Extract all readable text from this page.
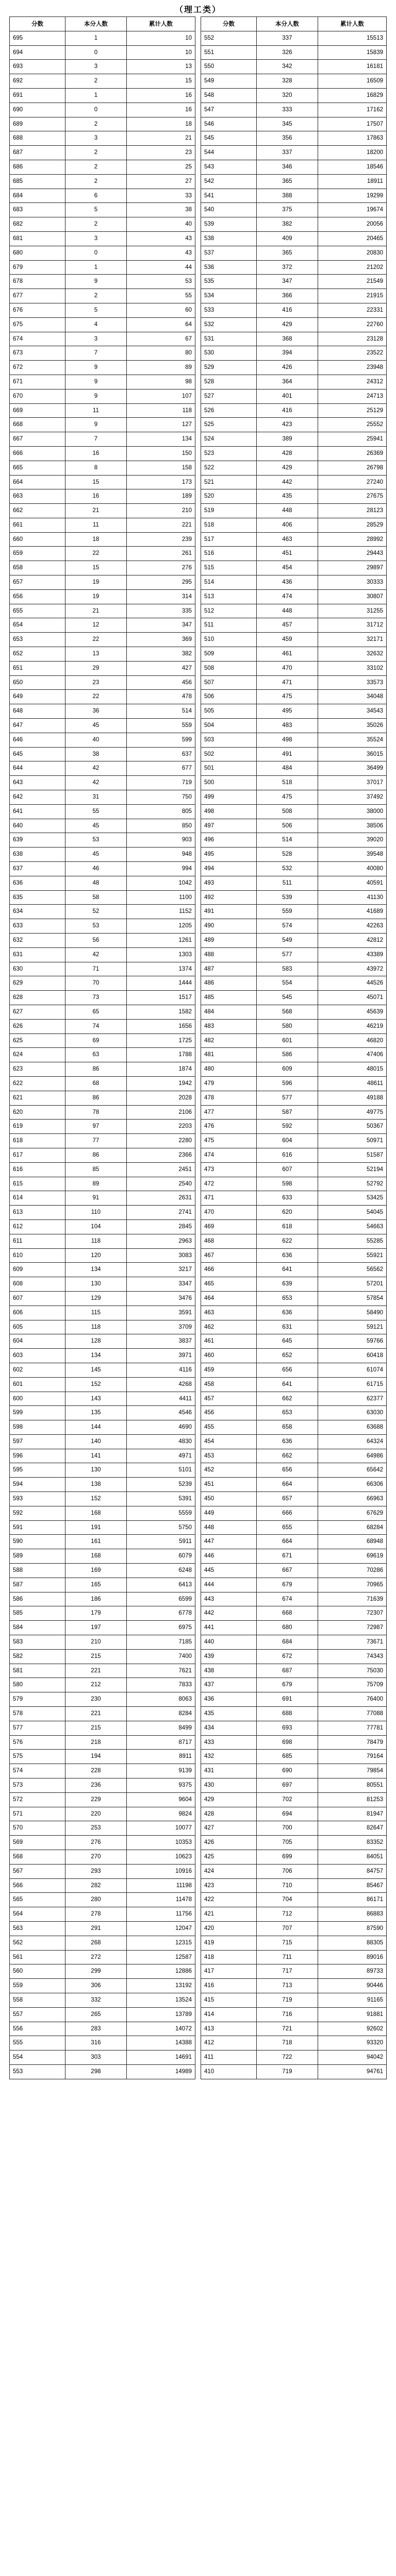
（理工类）
分数	本分人数	累计人数
695	1	10
694	0	10
693	3	13
692	2	15
691	1	16
690	0	16
689	2	18
688	3	21
687	2	23
686	2	25
685	2	27
684	6	33
683	5	38
682	2	40
681	3	43
680	0	43
679	1	44
678	9	53
677	2	55
676	5	60
675	4	64
674	3	67
673	7	80
672	9	89
671	9	98
670	9	107
669	11	118
668	9	127
667	7	134
666	16	150
665	8	158
664	15	173
663	16	189
662	21	210
661	11	221
660	18	239
659	22	261
658	15	276
657	19	295
656	19	314
655	21	335
654	12	347
653	22	369
652	13	382
651	29	427
650	23	456
649	22	478
648	36	514
647	45	559
646	40	599
645	38	637
644	42	677
643	42	719
642	31	750
641	55	805
640	45	850
639	53	903
638	45	948
637	46	994
636	48	1042
635	58	1100
634	52	1152
633	53	1205
632	56	1261
631	42	1303
630	71	1374
629	70	1444
628	73	1517
627	65	1582
626	74	1656
625	69	1725
624	63	1788
623	86	1874
622	68	1942
621	86	2028
620	78	2106
619	97	2203
618	77	2280
617	86	2366
616	85	2451
615	89	2540
614	91	2631
613	110	2741
612	104	2845
611	118	2963
610	120	3083
609	134	3217
608	130	3347
607	129	3476
606	115	3591
605	118	3709
604	128	3837
603	134	3971
602	145	4116
601	152	4268
600	143	4411
599	135	4546
598	144	4690
597	140	4830
596	141	4971
595	130	5101
594	138	5239
593	152	5391
592	168	5559
591	191	5750
590	161	5911
589	168	6079
588	169	6248
587	165	6413
586	186	6599
585	179	6778
584	197	6975
583	210	7185
582	215	7400
581	221	7621
580	212	7833
579	230	8063
578	221	8284
577	215	8499
576	218	8717
575	194	8911
574	228	9139
573	236	9375
572	229	9604
571	220	9824
570	253	10077
569	276	10353
568	270	10623
567	293	10916
566	282	11198
565	280	11478
564	278	11756
563	291	12047
562	268	12315
561	272	12587
560	299	12886
559	306	13192
558	332	13524
557	265	13789
556	283	14072
555	316	14388
554	303	14691
553	298	14989
分数	本分人数	累计人数
552	337	15513
551	326	15839
550	342	16181
549	328	16509
548	320	16829
547	333	17162
546	345	17507
545	356	17863
544	337	18200
543	346	18546
542	365	18911
541	388	19299
540	375	19674
539	382	20056
538	409	20465
537	365	20830
536	372	21202
535	347	21549
534	366	21915
533	416	22331
532	429	22760
531	368	23128
530	394	23522
529	426	23948
528	364	24312
527	401	24713
526	416	25129
525	423	25552
524	389	25941
523	428	26369
522	429	26798
521	442	27240
520	435	27675
519	448	28123
518	406	28529
517	463	28992
516	451	29443
515	454	29897
514	436	30333
513	474	30807
512	448	31255
511	457	31712
510	459	32171
509	461	32632
508	470	33102
507	471	33573
506	475	34048
505	495	34543
504	483	35026
503	498	35524
502	491	36015
501	484	36499
500	518	37017
499	475	37492
498	508	38000
497	506	38506
496	514	39020
495	528	39548
494	532	40080
493	511	40591
492	539	41130
491	559	41689
490	574	42263
489	549	42812
488	577	43389
487	583	43972
486	554	44526
485	545	45071
484	568	45639
483	580	46219
482	601	46820
481	586	47406
480	609	48015
479	596	48611
478	577	49188
477	587	49775
476	592	50367
475	604	50971
474	616	51587
473	607	52194
472	598	52792
471	633	53425
470	620	54045
469	618	54663
468	622	55285
467	636	55921
466	641	56562
465	639	57201
464	653	57854
463	636	58490
462	631	59121
461	645	59766
460	652	60418
459	656	61074
458	641	61715
457	662	62377
456	653	63030
455	658	63688
454	636	64324
453	662	64986
452	656	65642
451	664	66306
450	657	66963
449	666	67629
448	655	68284
447	664	68948
446	671	69619
445	667	70286
444	679	70965
443	674	71639
442	668	72307
441	680	72987
440	684	73671
439	672	74343
438	687	75030
437	679	75709
436	691	76400
435	688	77088
434	693	77781
433	698	78479
432	685	79164
431	690	79854
430	697	80551
429	702	81253
428	694	81947
427	700	82647
426	705	83352
425	699	84051
424	706	84757
423	710	85467
422	704	86171
421	712	86883
420	707	87590
419	715	88305
418	711	89016
417	717	89733
416	713	90446
415	719	91165
414	716	91881
413	721	92602
412	718	93320
411	722	94042
410	719	94761
